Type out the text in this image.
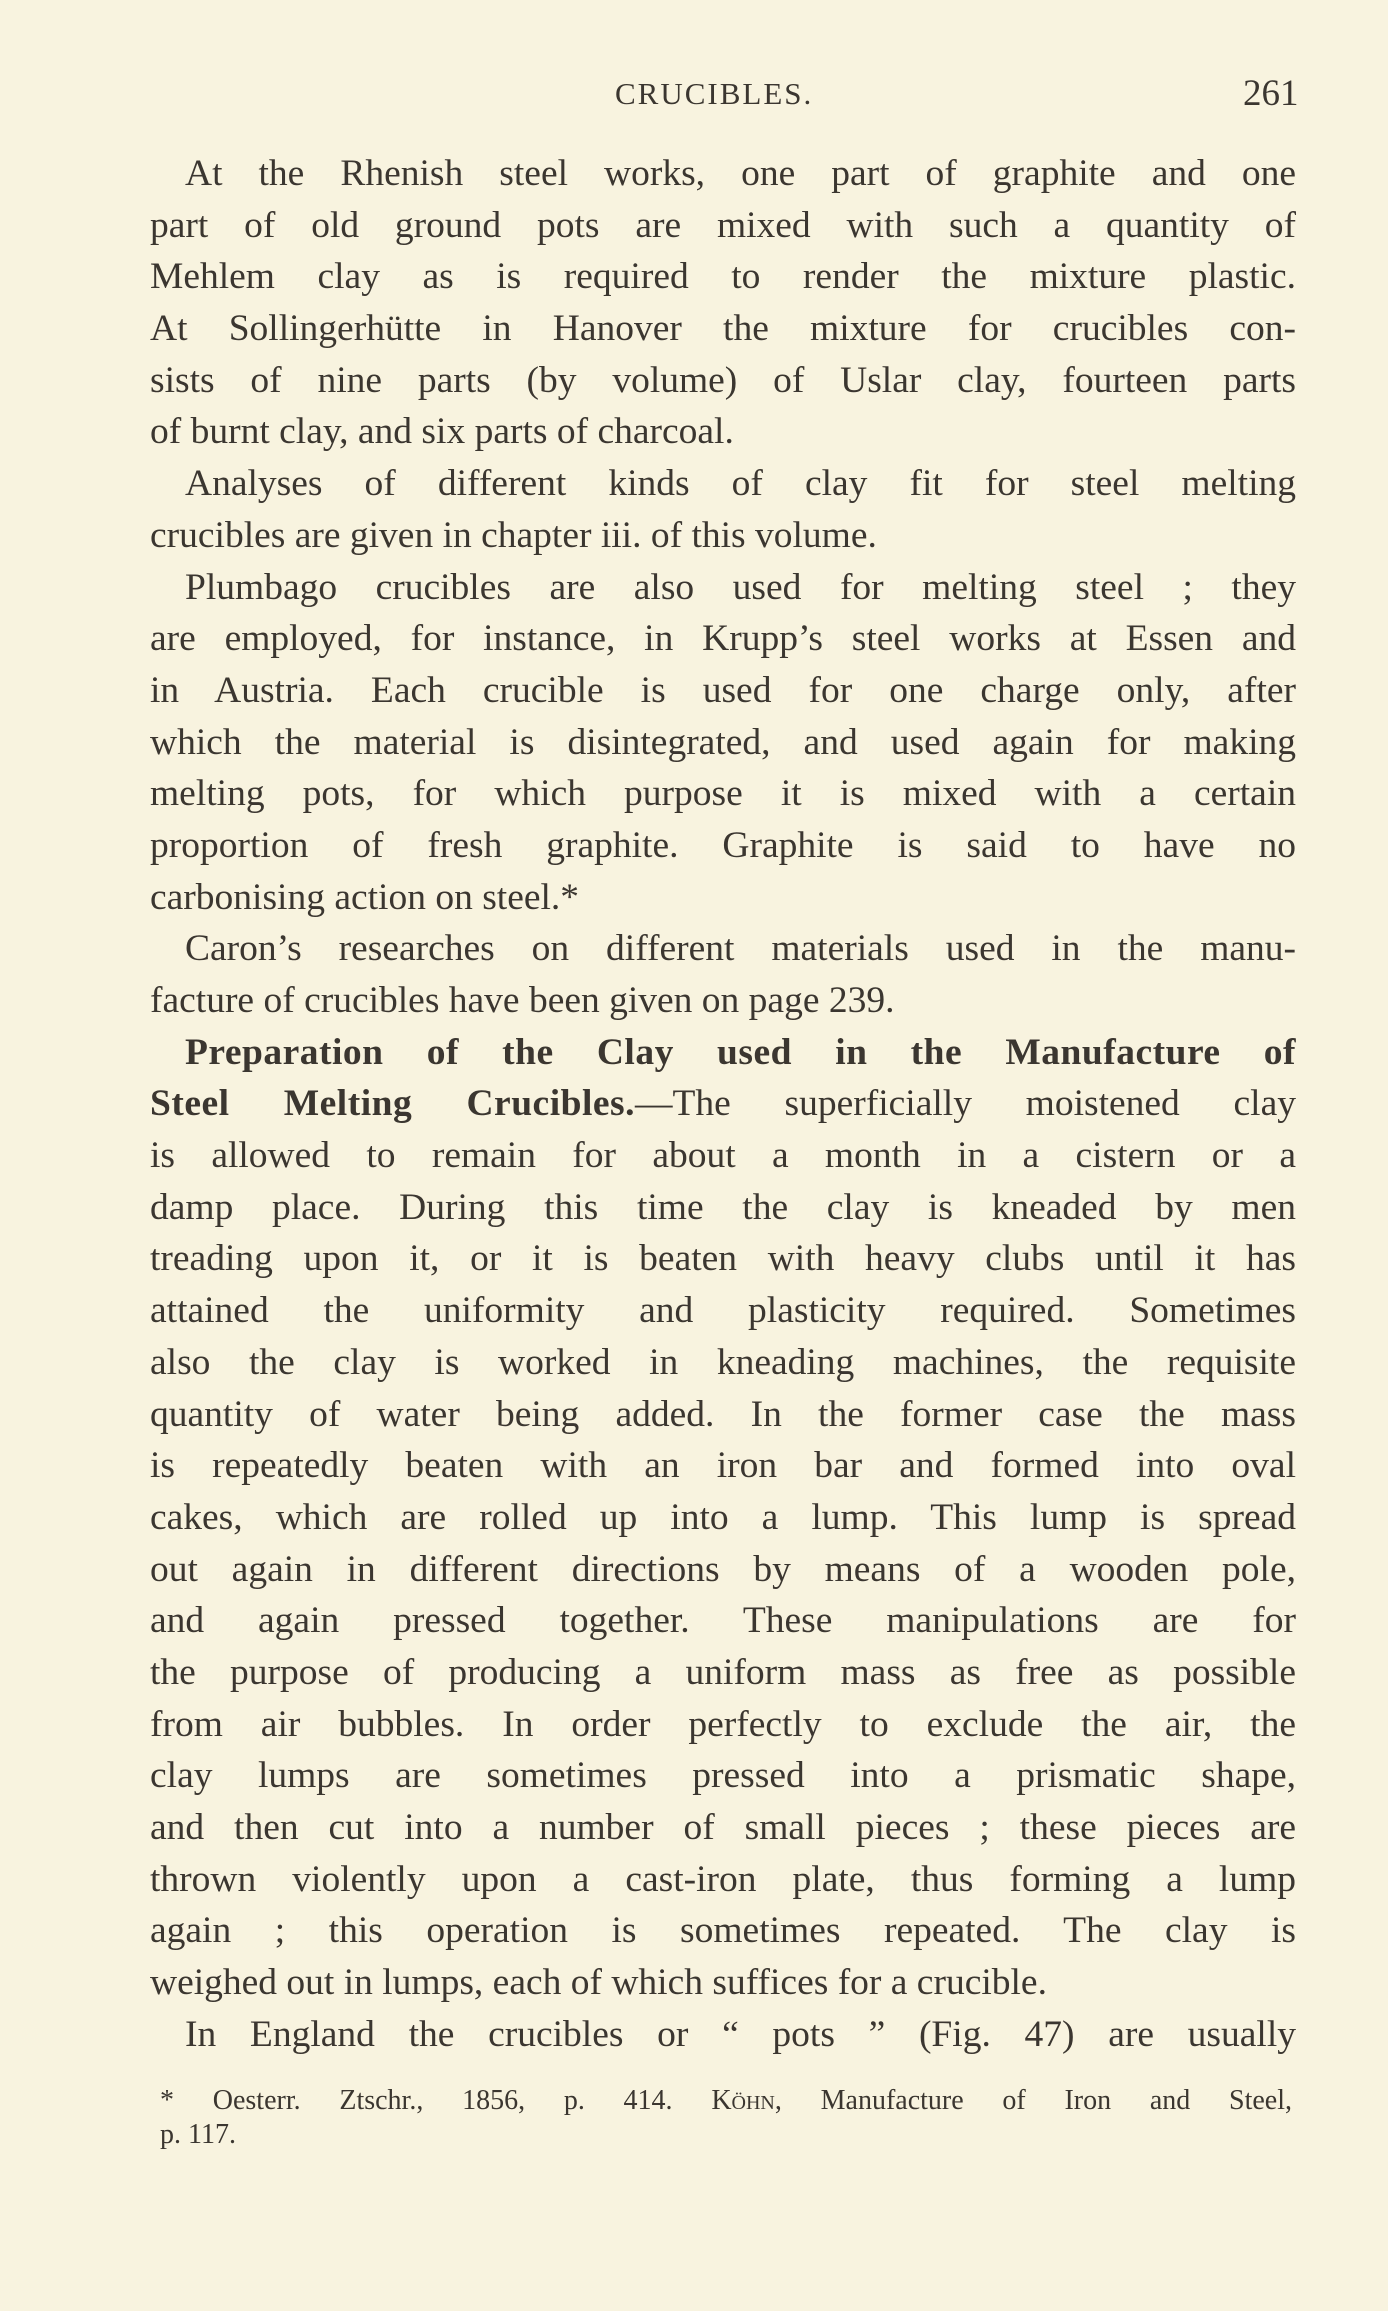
CRUCIBLES.	261
At the Rhenish steel works, one part of graphite and one
part of old ground pots are mixed with such a quantity of
Mehlem clay as is required to render the mixture plastic.
At Sollingerhütte in Hanover the mixture for crucibles con-
sists of nine parts (by volume) of Uslar clay, fourteen parts
of burnt clay, and six parts of charcoal.
Analyses of different kinds of clay fit for steel melting
crucibles are given in chapter iii. of this volume.
Plumbago crucibles are also used for melting steel ; they
are employed, for instance, in Krupp’s steel works at Essen and
in Austria. Each crucible is used for one charge only, after
which the material is disintegrated, and used again for making
melting pots, for which purpose it is mixed with a certain
proportion of fresh graphite. Graphite is said to have no
carbonising action on steel.*
Caron’s researches on different materials used in the manu-
facture of crucibles have been given on page 239.
Preparation of the Clay used in the Manufacture of
Steel Melting Crucibles.—The superficially moistened clay
is allowed to remain for about a month in a cistern or a
damp place. During this time the clay is kneaded by men
treading upon it, or it is beaten with heavy clubs until it has
attained the uniformity and plasticity required. Sometimes
also the clay is worked in kneading machines, the requisite
quantity of water being added. In the former case the mass
is repeatedly beaten with an iron bar and formed into oval
cakes, which are rolled up into a lump. This lump is spread
out again in different directions by means of a wooden pole,
and again pressed together. These manipulations are for
the purpose of producing a uniform mass as free as possible
from air bubbles. In order perfectly to exclude the air, the
clay lumps are sometimes pressed into a prismatic shape,
and then cut into a number of small pieces ; these pieces are
thrown violently upon a cast-iron plate, thus forming a lump
again ; this operation is sometimes repeated. The clay is
weighed out in lumps, each of which suffices for a crucible.
In England the crucibles or “ pots ” (Fig. 47) are usually
* Oesterr. Ztschr., 1856, p. 414. Köhn, Manufacture of Iron and Steel,
p. 117.
